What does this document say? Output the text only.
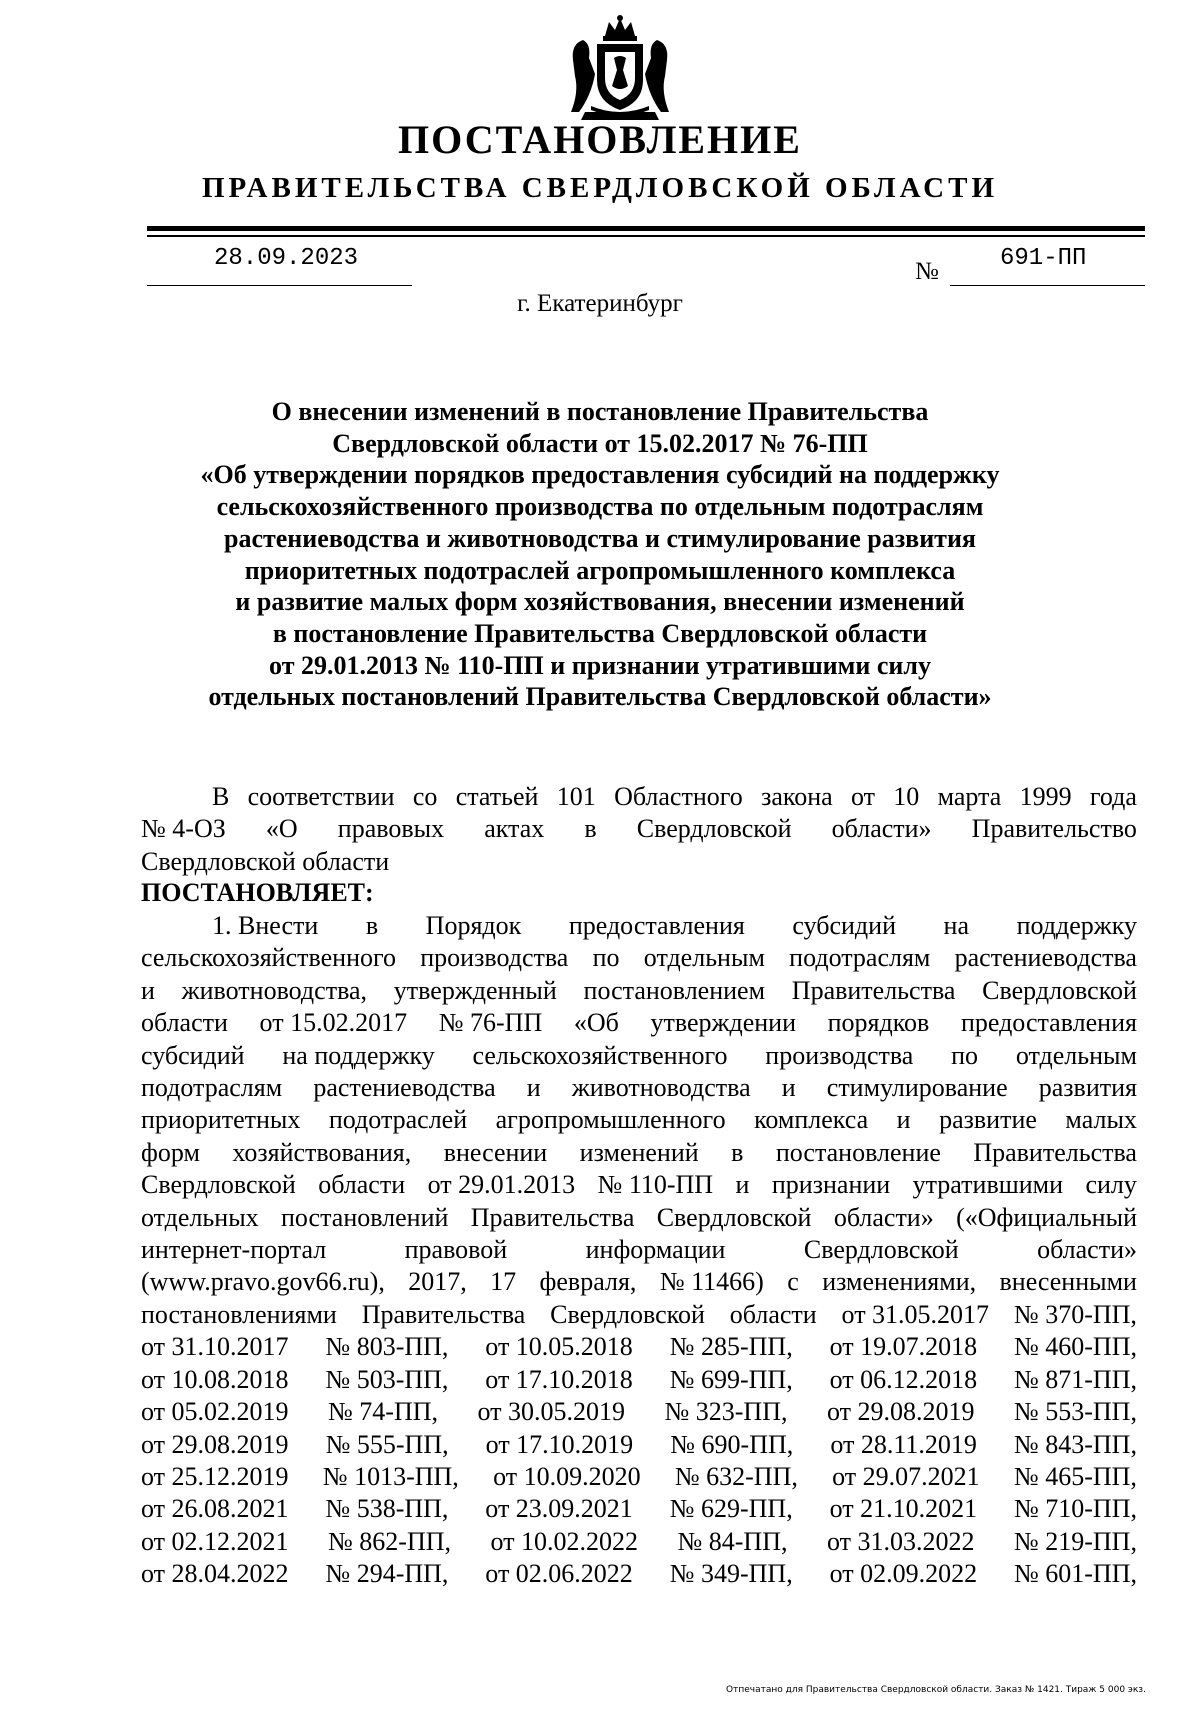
ПОСТАНОВЛЕНИЕ
ПРАВИТЕЛЬСТВА СВЕРДЛОВСКОЙ ОБЛАСТИ
28.09.2023	№	691-ПП
г. Екатеринбург
О внесении изменений в постановление Правительства
Свердловской области от 15.02.2017 № 76-ПП
«Об утверждении порядков предоставления субсидий на поддержку
сельскохозяйственного производства по отдельным подотраслям
растениеводства и животноводства и стимулирование развития
приоритетных подотраслей агропромышленного комплекса
и развитие малых форм хозяйствования, внесении изменений
в постановление Правительства Свердловской области
от 29.01.2013 № 110-ПП и признании утратившими силу
отдельных постановлений Правительства Свердловской области»
В соответствии со статьей 101 Областного закона от 10 марта 1999 года
№ 4-ОЗ «О правовых актах в Свердловской области» Правительство
Свердловской области
ПОСТАНОВЛЯЕТ:
1. Внести в Порядок предоставления субсидий на поддержку
сельскохозяйственного производства по отдельным подотраслям растениеводства
и животноводства, утвержденный постановлением Правительства Свердловской
области от 15.02.2017 № 76-ПП «Об утверждении порядков предоставления
субсидий на поддержку сельскохозяйственного производства по отдельным
подотраслям растениеводства и животноводства и стимулирование развития
приоритетных подотраслей агропромышленного комплекса и развитие малых
форм хозяйствования, внесении изменений в постановление Правительства
Свердловской области от 29.01.2013 № 110-ПП и признании утратившими силу
отдельных постановлений Правительства Свердловской области» («Официальный
интернет-портал	правовой	информации	Свердловской	области»
(www.pravo.gov66.ru), 2017, 17 февраля, № 11466) с изменениями, внесенными
постановлениями Правительства Свердловской области от 31.05.2017 № 370-ПП,
от 31.10.2017 № 803-ПП, от 10.05.2018 № 285-ПП, от 19.07.2018 № 460-ПП,
от 10.08.2018 № 503-ПП, от 17.10.2018 № 699-ПП, от 06.12.2018 № 871-ПП,
от 05.02.2019 № 74-ПП, от 30.05.2019 № 323-ПП, от 29.08.2019 № 553-ПП,
от 29.08.2019 № 555-ПП, от 17.10.2019 № 690-ПП, от 28.11.2019 № 843-ПП,
от 25.12.2019 № 1013-ПП, от 10.09.2020 № 632-ПП, от 29.07.2021 № 465-ПП,
от 26.08.2021 № 538-ПП, от 23.09.2021 № 629-ПП, от 21.10.2021 № 710-ПП,
от 02.12.2021 № 862-ПП, от 10.02.2022 № 84-ПП, от 31.03.2022 № 219-ПП,
от 28.04.2022 № 294-ПП, от 02.06.2022 № 349-ПП, от 02.09.2022 № 601-ПП,
Отпечатано для Правительства Свердловской области. Заказ № 1421. Тираж 5 000 экз.
